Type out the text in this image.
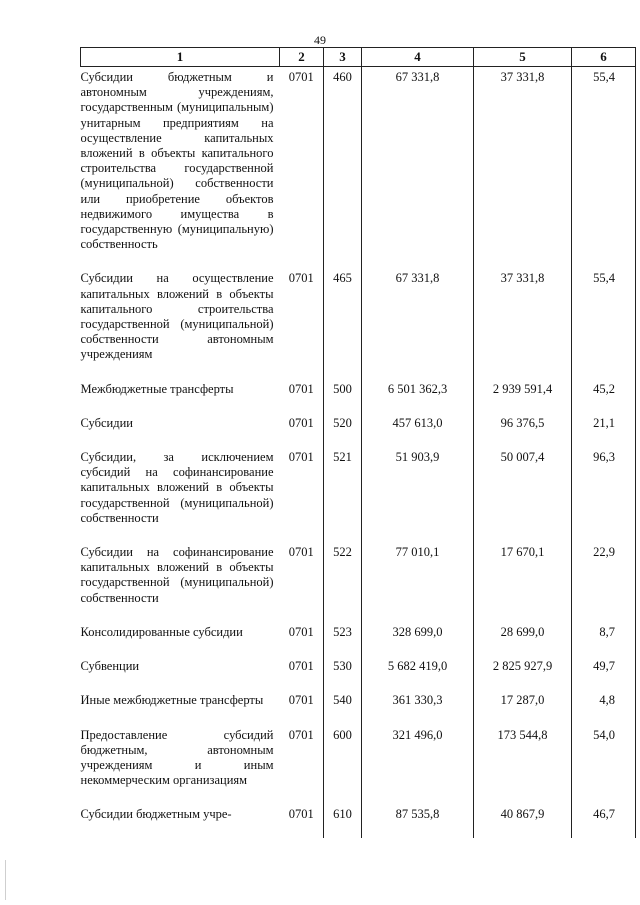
49
1	2	3	4	5	6
Субсидии бюджетным и автономным учреждениям, государственным (муниципальным) унитарным предприятиям на осуществление капитальных вложений в объекты капитального строительства государственной (муниципальной) собственности или приобретение объектов недвижимого имущества в государственную (муниципальную) собственность	0701	460	67 331,8	37 331,8	55,4
Субсидии на осуществление капитальных вложений в объекты капитального строительства государственной (муниципальной) собственности автономным учреждениям	0701	465	67 331,8	37 331,8	55,4
Межбюджетные трансферты	0701	500	6 501 362,3	2 939 591,4	45,2
Субсидии	0701	520	457 613,0	96 376,5	21,1
Субсидии, за исключением субсидий на софинансирование капитальных вложений в объекты государственной (муниципальной) собственности	0701	521	51 903,9	50 007,4	96,3
Субсидии на софинансирование капитальных вложений в объекты государственной (муниципальной) собственности	0701	522	77 010,1	17 670,1	22,9
Консолидированные субсидии	0701	523	328 699,0	28 699,0	8,7
Субвенции	0701	530	5 682 419,0	2 825 927,9	49,7
Иные межбюджетные трансферты	0701	540	361 330,3	17 287,0	4,8
Предоставление субсидий бюджетным, автономным учреждениям и иным некоммерческим организациям	0701	600	321 496,0	173 544,8	54,0
Субсидии бюджетным учре-	0701	610	87 535,8	40 867,9	46,7
